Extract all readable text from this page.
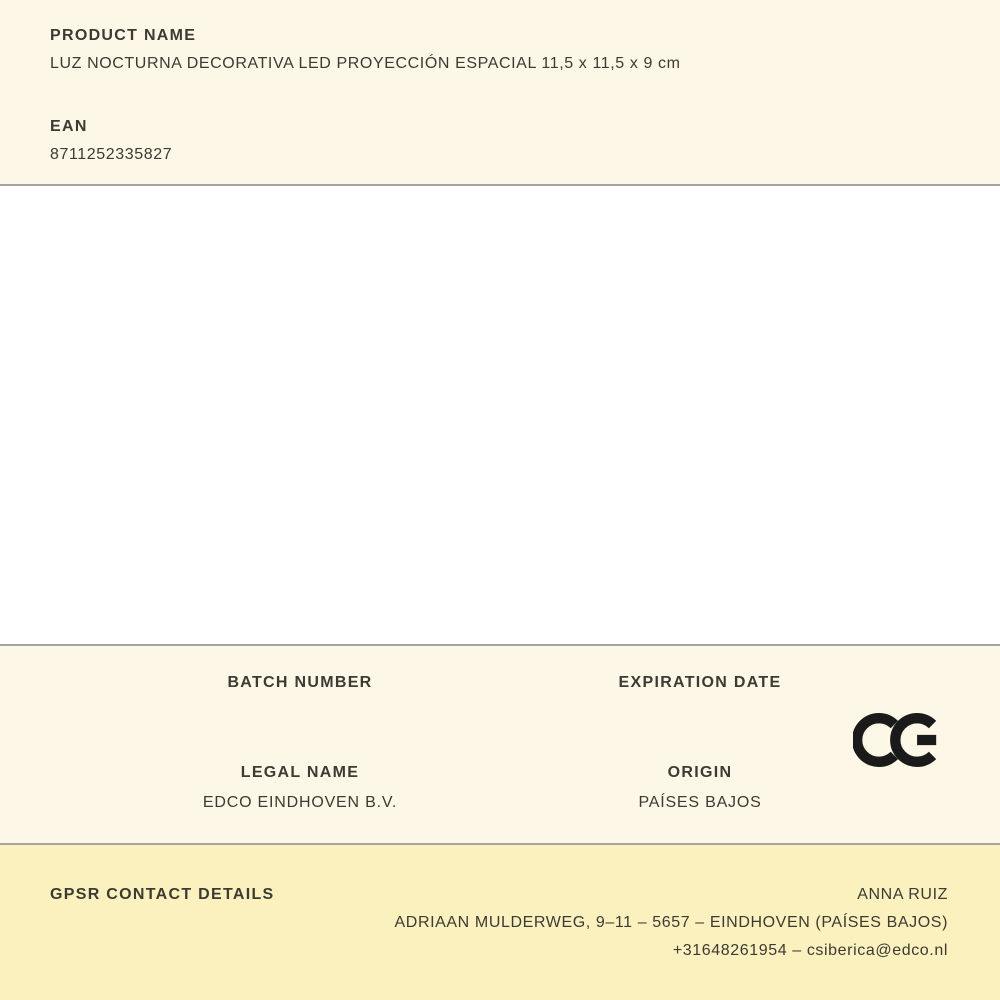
PRODUCT NAME
LUZ NOCTURNA DECORATIVA LED PROYECCIÓN ESPACIAL 11,5 x 11,5 x 9 cm
EAN
8711252335827
BATCH NUMBER	EXPIRATION DATE
LEGAL NAME
EDCO EINDHOVEN B.V.
ORIGIN
PAÍSES BAJOS
GPSR CONTACT DETAILS	ANNA RUIZ
ADRIAAN MULDERWEG, 9–11 – 5657 – EINDHOVEN (PAÍSES BAJOS)
+31648261954 – csiberica@edco.nl
